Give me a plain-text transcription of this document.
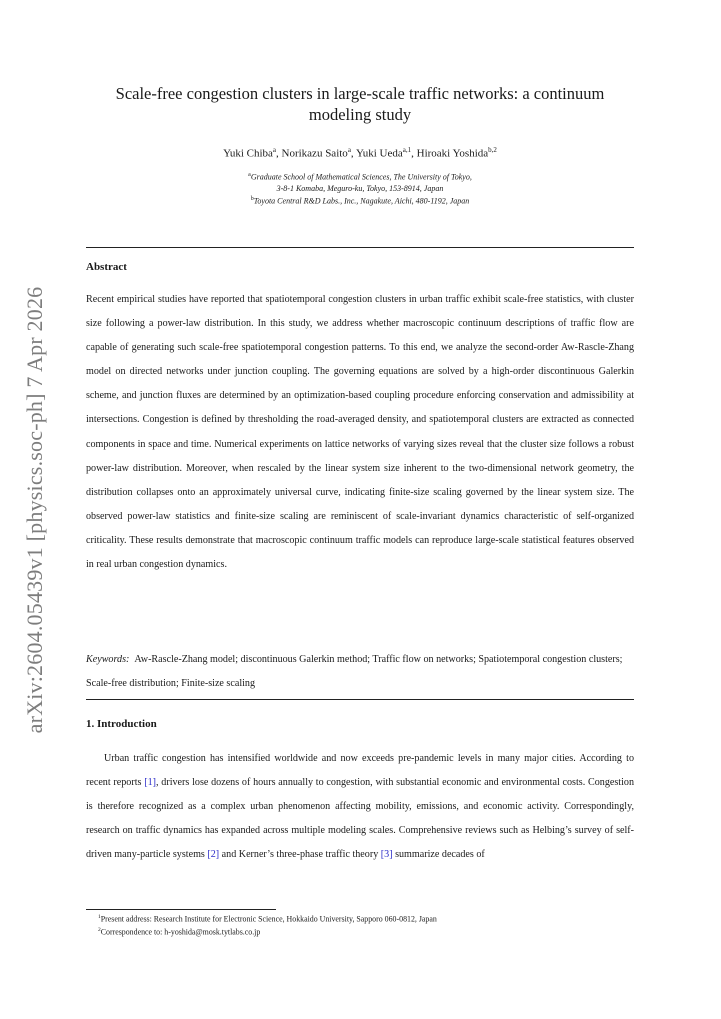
arXiv:2604.05439v1 [physics.soc-ph] 7 Apr 2026
Scale-free congestion clusters in large-scale traffic networks: a continuum modeling study
Yuki Chiba$^a$, Norikazu Saito$^a$, Yuki Ueda$^{a,1}$, Hiroaki Yoshida$^{b,2}$
$^a$Graduate School of Mathematical Sciences, The University of Tokyo,
3-8-1 Komaba, Meguro-ku, Tokyo, 153-8914, Japan
$^b$Toyota Central R&D Labs., Inc., Nagakute, Aichi, 480-1192, Japan
Abstract

Recent empirical studies have reported that spatiotemporal congestion clusters in urban traffic exhibit scale-free statistics, with cluster size following a power-law distribution. In this study, we address whether macroscopic continuum descriptions of traffic flow are capable of generating such scale-free spatiotemporal congestion patterns. To this end, we analyze the second-order Aw-Rascle-Zhang model on directed networks under junction coupling. The governing equations are solved by a high-order discontinuous Galerkin scheme, and junction fluxes are determined by an optimization-based coupling procedure enforcing conservation and admissibility at intersections. Congestion is defined by thresholding the road-averaged density, and spatiotemporal clusters are extracted as connected components in space and time. Numerical experiments on lattice networks of varying sizes reveal that the cluster size follows a robust power-law distribution. Moreover, when rescaled by the linear system size inherent to the two-dimensional network geometry, the distribution collapses onto an approximately universal curve, indicating finite-size scaling governed by the linear system size. The observed power-law statistics and finite-size scaling are reminiscent of scale-invariant dynamics characteristic of self-organized criticality. These results demonstrate that macroscopic continuum traffic models can reproduce large-scale statistical features observed in real urban congestion dynamics.

Keywords: Aw-Rascle-Zhang model; discontinuous Galerkin method; Traffic flow on networks; Spatiotemporal congestion clusters; Scale-free distribution; Finite-size scaling

1. Introduction

Urban traffic congestion has intensified worldwide and now exceeds pre-pandemic levels in many major cities. According to recent reports [1], drivers lose dozens of hours annually to congestion, with substantial economic and environmental costs. Congestion is therefore recognized as a complex urban phenomenon affecting mobility, emissions, and economic activity. Correspondingly, research on traffic dynamics has expanded across multiple modeling scales. Comprehensive reviews such as Helbing’s survey of self-driven many-particle systems [2] and Kerner’s three-phase traffic theory [3] summarize decades of

$^1$Present address: Research Institute for Electronic Science, Hokkaido University, Sapporo 060-0812, Japan
$^2$Correspondence to: h-yoshida@mosk.tytlabs.co.jp
